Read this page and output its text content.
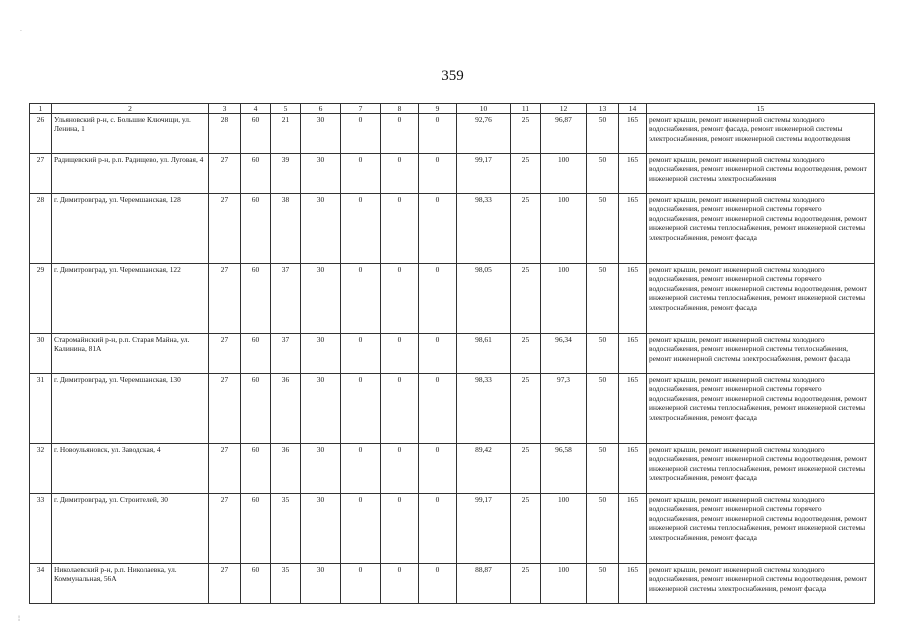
359
1	2	3	4	5	6	7	8	9	10	11	12	13	14	15
26	Ульяновский р-н, с. Большие Ключищи, ул. Ленина, 1	28	60	21	30	0	0	0	92,76	25	96,87	50	165	ремонт крыши, ремонт инженерной системы холодного водоснабжения, ремонт фасада, ремонт инженерной системы электроснабжения, ремонт инженерной системы водоотведения
27	Радищевский р-н, р.п. Радищево, ул. Луговая, 4	27	60	39	30	0	0	0	99,17	25	100	50	165	ремонт крыши, ремонт инженерной системы холодного водоснабжения, ремонт инженерной системы водоотведения, ремонт инженерной системы электроснабжения
28	г. Димитровград, ул. Черемшанская, 128	27	60	38	30	0	0	0	98,33	25	100	50	165	ремонт крыши, ремонт инженерной системы холодного водоснабжения, ремонт инженерной системы горячего водоснабжения, ремонт инженерной системы водоотведения, ремонт инженерной системы теплоснабжения, ремонт инженерной системы электроснабжения, ремонт фасада
29	г. Димитровград, ул. Черемшанская, 122	27	60	37	30	0	0	0	98,05	25	100	50	165	ремонт крыши, ремонт инженерной системы холодного водоснабжения, ремонт инженерной системы горячего водоснабжения, ремонт инженерной системы водоотведения, ремонт инженерной системы теплоснабжения, ремонт инженерной системы электроснабжения, ремонт фасада
30	Старомайнский р-н, р.п. Старая Майна, ул. Калинина, 81А	27	60	37	30	0	0	0	98,61	25	96,34	50	165	ремонт крыши, ремонт инженерной системы холодного водоснабжения, ремонт инженерной системы теплоснабжения, ремонт инженерной системы электроснабжения, ремонт фасада
31	г. Димитровград, ул. Черемшанская, 130	27	60	36	30	0	0	0	98,33	25	97,3	50	165	ремонт крыши, ремонт инженерной системы холодного водоснабжения, ремонт инженерной системы горячего водоснабжения, ремонт инженерной системы водоотведения, ремонт инженерной системы теплоснабжения, ремонт инженерной системы электроснабжения, ремонт фасада
32	г. Новоульяновск, ул. Заводская, 4	27	60	36	30	0	0	0	89,42	25	96,58	50	165	ремонт крыши, ремонт инженерной системы холодного водоснабжения, ремонт инженерной системы водоотведения, ремонт инженерной системы теплоснабжения, ремонт инженерной системы электроснабжения, ремонт фасада
33	г. Димитровград, ул. Строителей, 30	27	60	35	30	0	0	0	99,17	25	100	50	165	ремонт крыши, ремонт инженерной системы холодного водоснабжения, ремонт инженерной системы горячего водоснабжения, ремонт инженерной системы водоотведения, ремонт инженерной системы теплоснабжения, ремонт инженерной системы электроснабжения, ремонт фасада
34	Николаевский р-н, р.п. Николаевка, ул. Коммунальная, 56А	27	60	35	30	0	0	0	88,87	25	100	50	165	ремонт крыши, ремонт инженерной системы холодного водоснабжения, ремонт инженерной системы водоотведения, ремонт инженерной системы электроснабжения, ремонт фасада
·
¦
